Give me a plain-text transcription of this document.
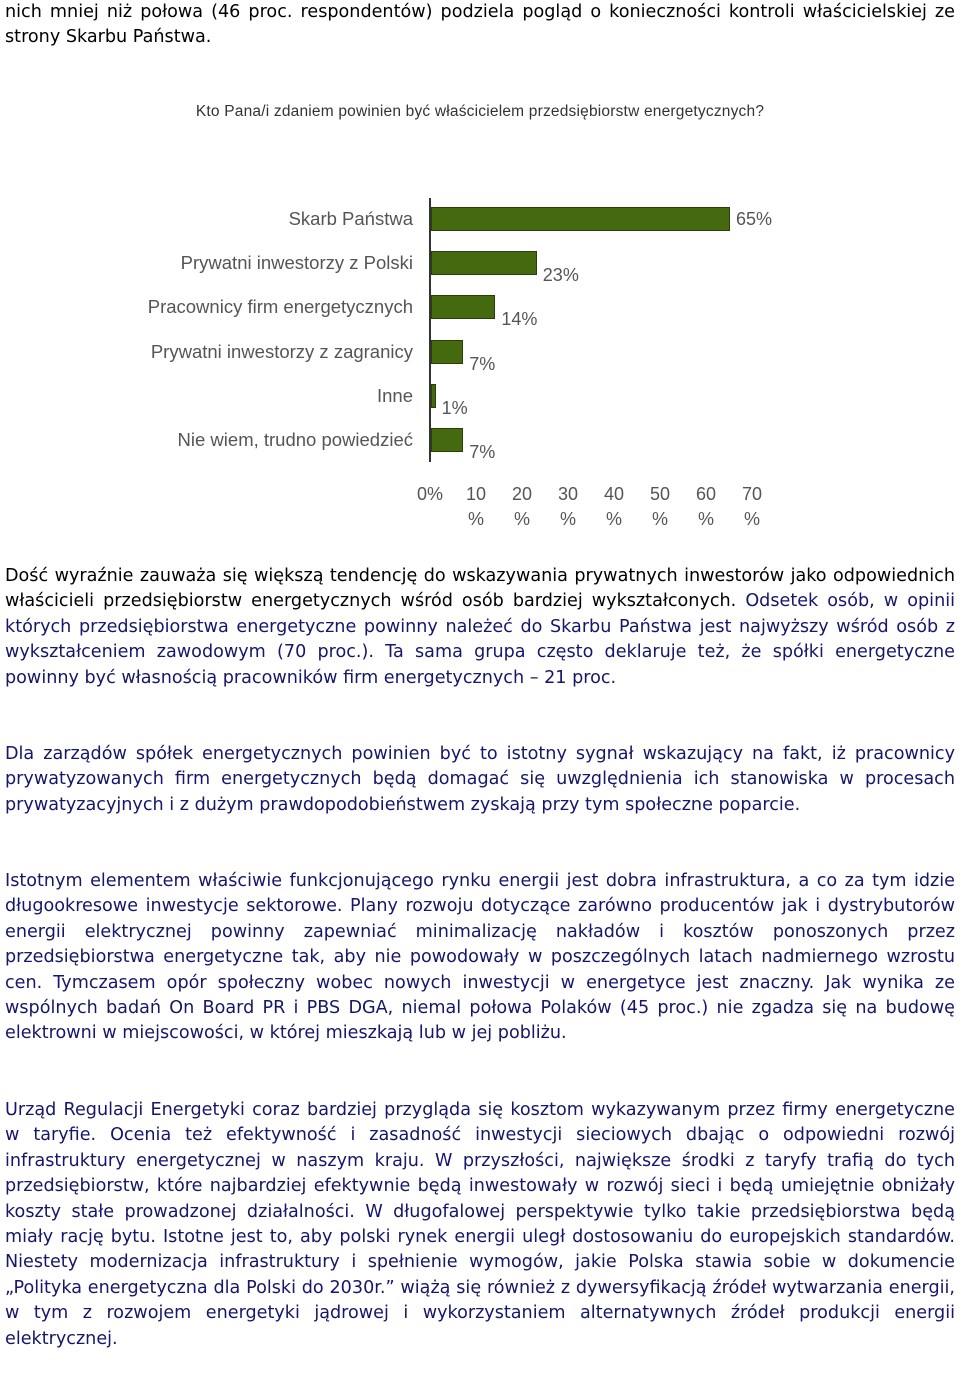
nich mniej niż połowa (46 proc. respondentów) podziela pogląd o konieczności kontroli właścicielskiej ze strony Skarbu Państwa.

Kto Pana/i zdaniem powinien być właścicielem przedsiębiorstw energetycznych?
Skarb Państwa	65%
Prywatni inwestorzy z Polski
23%
Pracownicy firm energetycznych
14%
Prywatni inwestorzy z zagranicy
7%
Inne
1%
Nie wiem, trudno powiedzieć
7%
0%	10 %
20 %
30 %
40 %
50 %
60 %
70 %

Dość wyraźnie zauważa się większą tendencję do wskazywania prywatnych inwestorów jako odpowiednich właścicieli przedsiębiorstw energetycznych wśród osób bardziej wykształconych. Odsetek osób, w opinii których przedsiębiorstwa energetyczne powinny należeć do Skarbu Państwa jest najwyższy wśród osób z wykształceniem zawodowym (70 proc.). Ta sama grupa często deklaruje też, że spółki energetyczne powinny być własnością pracowników firm energetycznych – 21 proc.

Dla zarządów spółek energetycznych powinien być to istotny sygnał wskazujący na fakt, iż pracownicy prywatyzowanych firm energetycznych będą domagać się uwzględnienia ich stanowiska w procesach prywatyzacyjnych i z dużym prawdopodobieństwem zyskają przy tym społeczne poparcie.

Istotnym elementem właściwie funkcjonującego rynku energii jest dobra infrastruktura, a co za tym idzie długookresowe inwestycje sektorowe. Plany rozwoju dotyczące zarówno producentów jak i dystrybutorów energii elektrycznej powinny zapewniać minimalizację nakładów i kosztów ponoszonych przez przedsiębiorstwa energetyczne tak, aby nie powodowały w poszczególnych latach nadmiernego wzrostu cen. Tymczasem opór społeczny wobec nowych inwestycji w energetyce jest znaczny. Jak wynika ze wspólnych badań On Board PR i PBS DGA, niemal połowa Polaków (45 proc.) nie zgadza się na budowę elektrowni w miejscowości, w której mieszkają lub w jej pobliżu.

Urząd Regulacji Energetyki coraz bardziej przygląda się kosztom wykazywanym przez firmy energetyczne w taryfie. Ocenia też efektywność i zasadność inwestycji sieciowych dbając o odpowiedni rozwój infrastruktury energetycznej w naszym kraju. W przyszłości, największe środki z taryfy trafią do tych przedsiębiorstw, które najbardziej efektywnie będą inwestowały w rozwój sieci i będą umiejętnie obniżały koszty stałe prowadzonej działalności. W długofalowej perspektywie tylko takie przedsiębiorstwa będą miały rację bytu. Istotne jest to, aby polski rynek energii uległ dostosowaniu do europejskich standardów. Niestety modernizacja infrastruktury i spełnienie wymogów, jakie Polska stawia sobie w dokumencie „Polityka energetyczna dla Polski do 2030r.” wiążą się również z dywersyfikacją źródeł wytwarzania energii, w tym z rozwojem energetyki jądrowej i wykorzystaniem alternatywnych źródeł produkcji energii elektrycznej.
